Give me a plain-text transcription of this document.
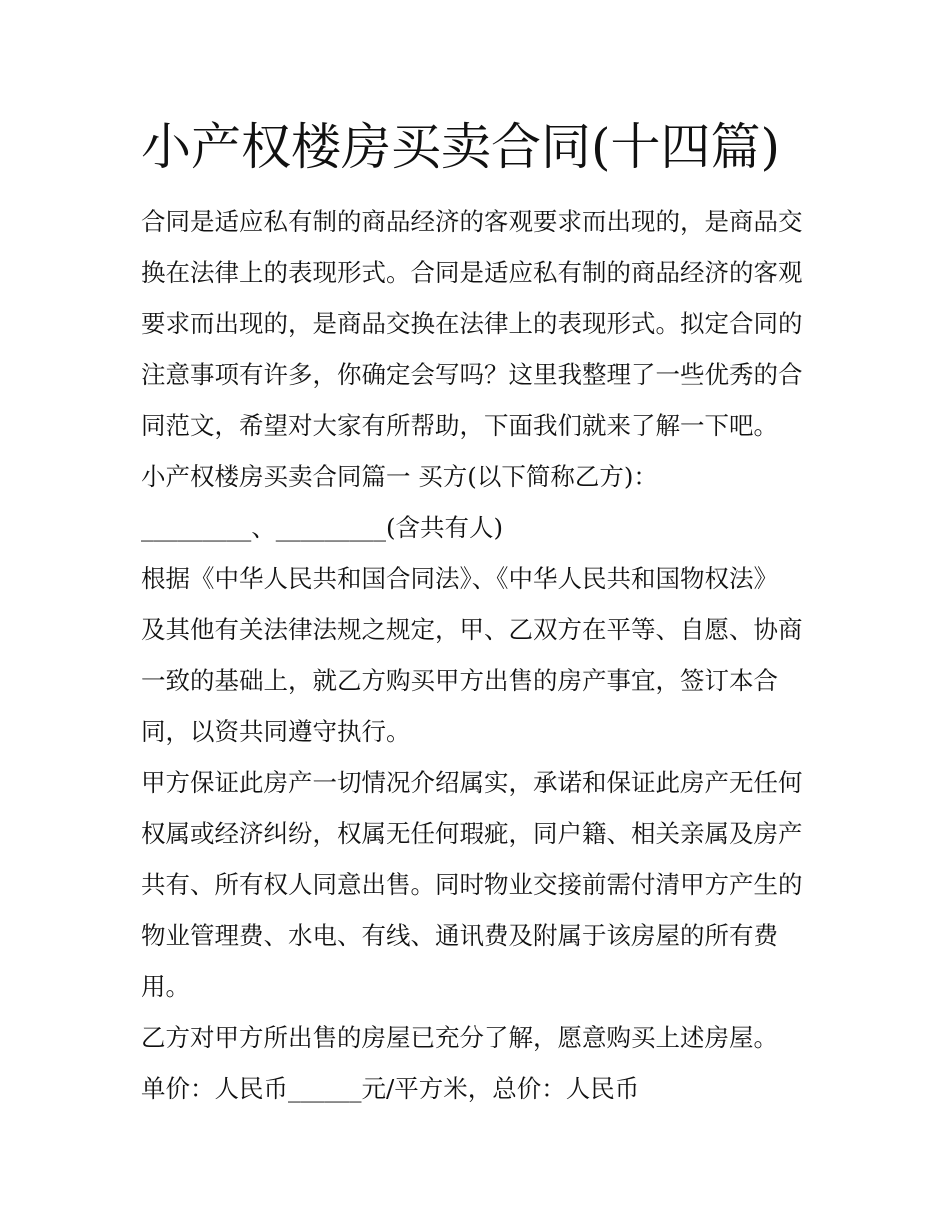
小产权楼房买卖合同(十四篇)
合同是适应私有制的商品经济的客观要求而出现的，是商品交
换在法律上的表现形式。合同是适应私有制的商品经济的客观
要求而出现的，是商品交换在法律上的表现形式。拟定合同的
注意事项有许多，你确定会写吗？这里我整理了一些优秀的合
同范文，希望对大家有所帮助，下面我们就来了解一下吧。
小产权楼房买卖合同篇一 买方(以下简称乙方)：
_________、_________(含共有人)
根据《中华人民共和国合同法》、《中华人民共和国物权法》
及其他有关法律法规之规定，甲、乙双方在平等、自愿、协商
一致的基础上，就乙方购买甲方出售的房产事宜，签订本合
同，以资共同遵守执行。
甲方保证此房产一切情况介绍属实，承诺和保证此房产无任何
权属或经济纠纷，权属无任何瑕疵，同户籍、相关亲属及房产
共有、所有权人同意出售。同时物业交接前需付清甲方产生的
物业管理费、水电、有线、通讯费及附属于该房屋的所有费
用。
乙方对甲方所出售的房屋已充分了解，愿意购买上述房屋。
单价：人民币______元/平方米，总价：人民币
